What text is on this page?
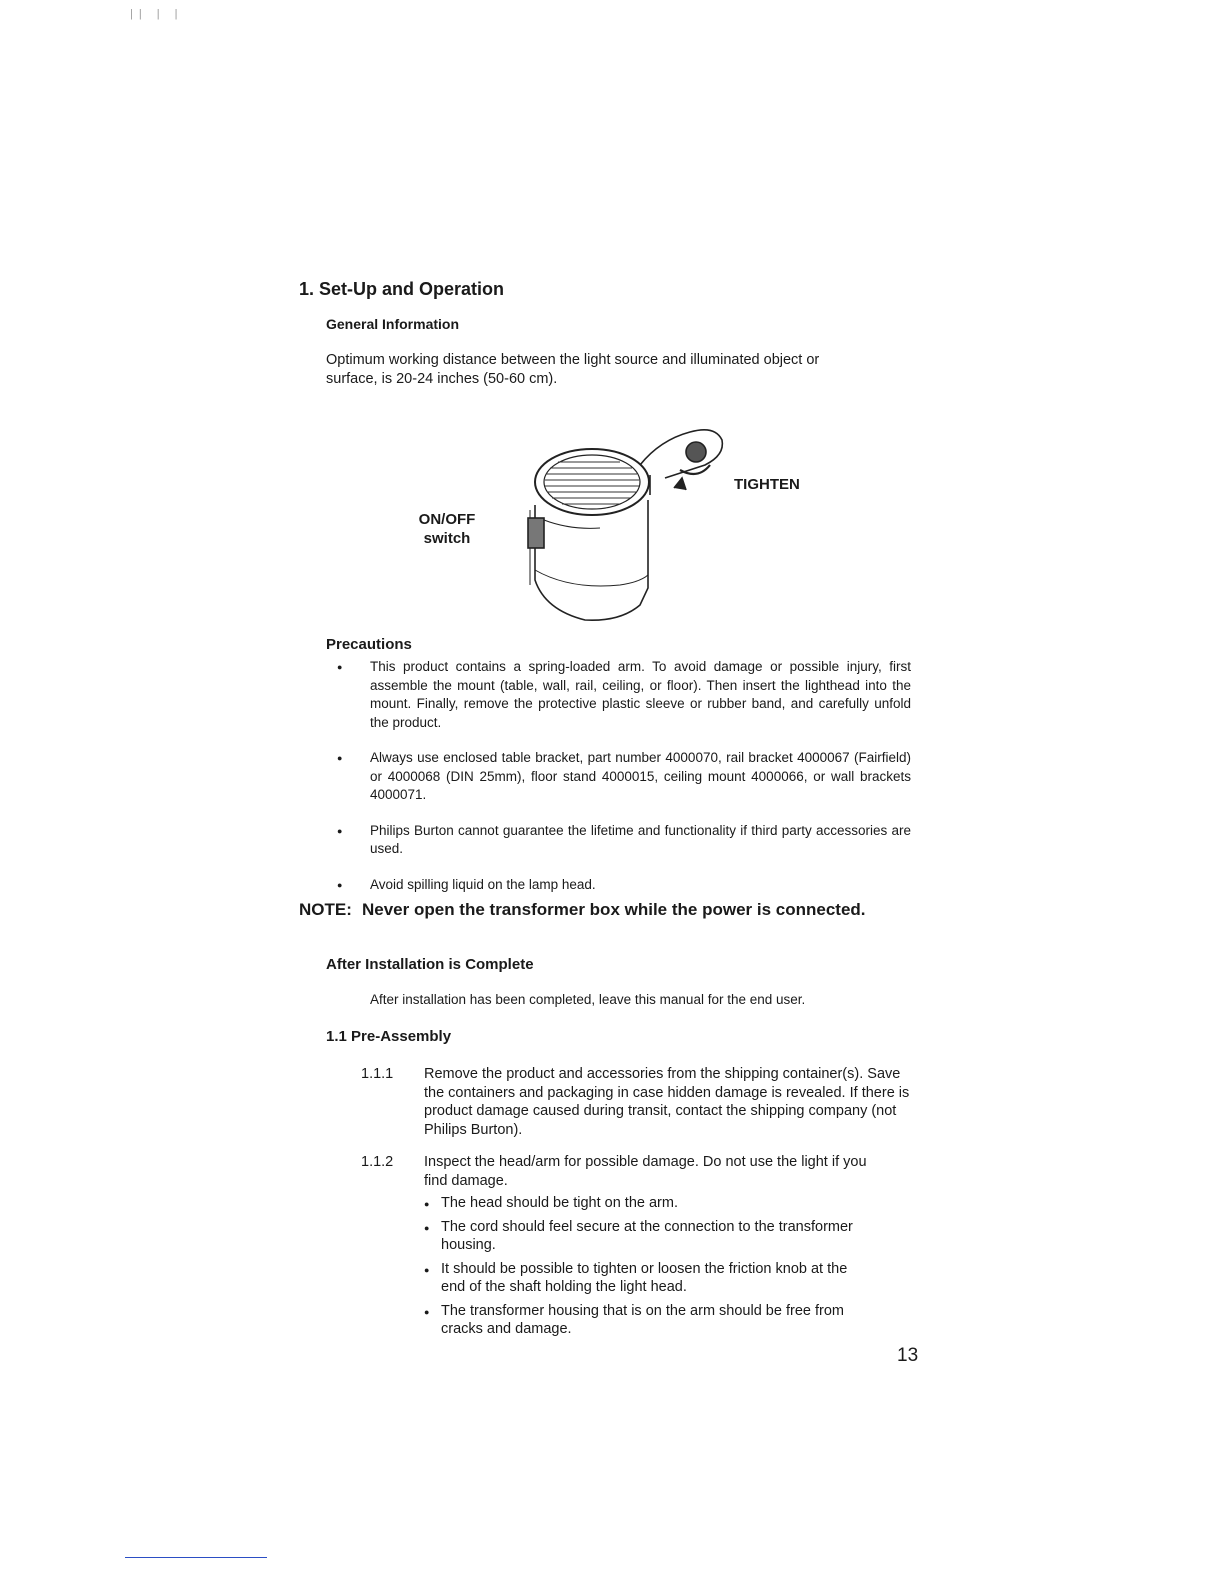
|| | |
1. Set-Up and Operation
General Information
Optimum working distance between the light source and illuminated object or
surface, is 20-24 inches (50-60 cm).
TIGHTEN
ON/OFF
switch
Precautions
● This product contains a spring-loaded arm. To avoid damage or possible injury, first assemble the mount (table, wall, rail, ceiling, or floor). Then insert the lighthead into the mount. Finally, remove the protective plastic sleeve or rubber band, and carefully unfold the product.
● Always use enclosed table bracket, part number 4000070, rail bracket 4000067 (Fairfield) or 4000068 (DIN 25mm), floor stand 4000015, ceiling mount 4000066, or wall brackets 4000071.
● Philips Burton cannot guarantee the lifetime and functionality if third party accessories are used.
● Avoid spilling liquid on the lamp head.
NOTE: Never open the transformer box while the power is connected.
After Installation is Complete
After installation has been completed, leave this manual for the end user.
1.1 Pre-Assembly
1.1.1	Remove the product and accessories from the shipping container(s). Save the containers and packaging in case hidden damage is revealed. If there is product damage caused during transit, contact the shipping company (not Philips Burton).
1.1.2	Inspect the head/arm for possible damage. Do not use the light if you find damage.
● The head should be tight on the arm.
● The cord should feel secure at the connection to the transformer housing.
● It should be possible to tighten or loosen the friction knob at the end of the shaft holding the light head.
● The transformer housing that is on the arm should be free from cracks and damage.
13
